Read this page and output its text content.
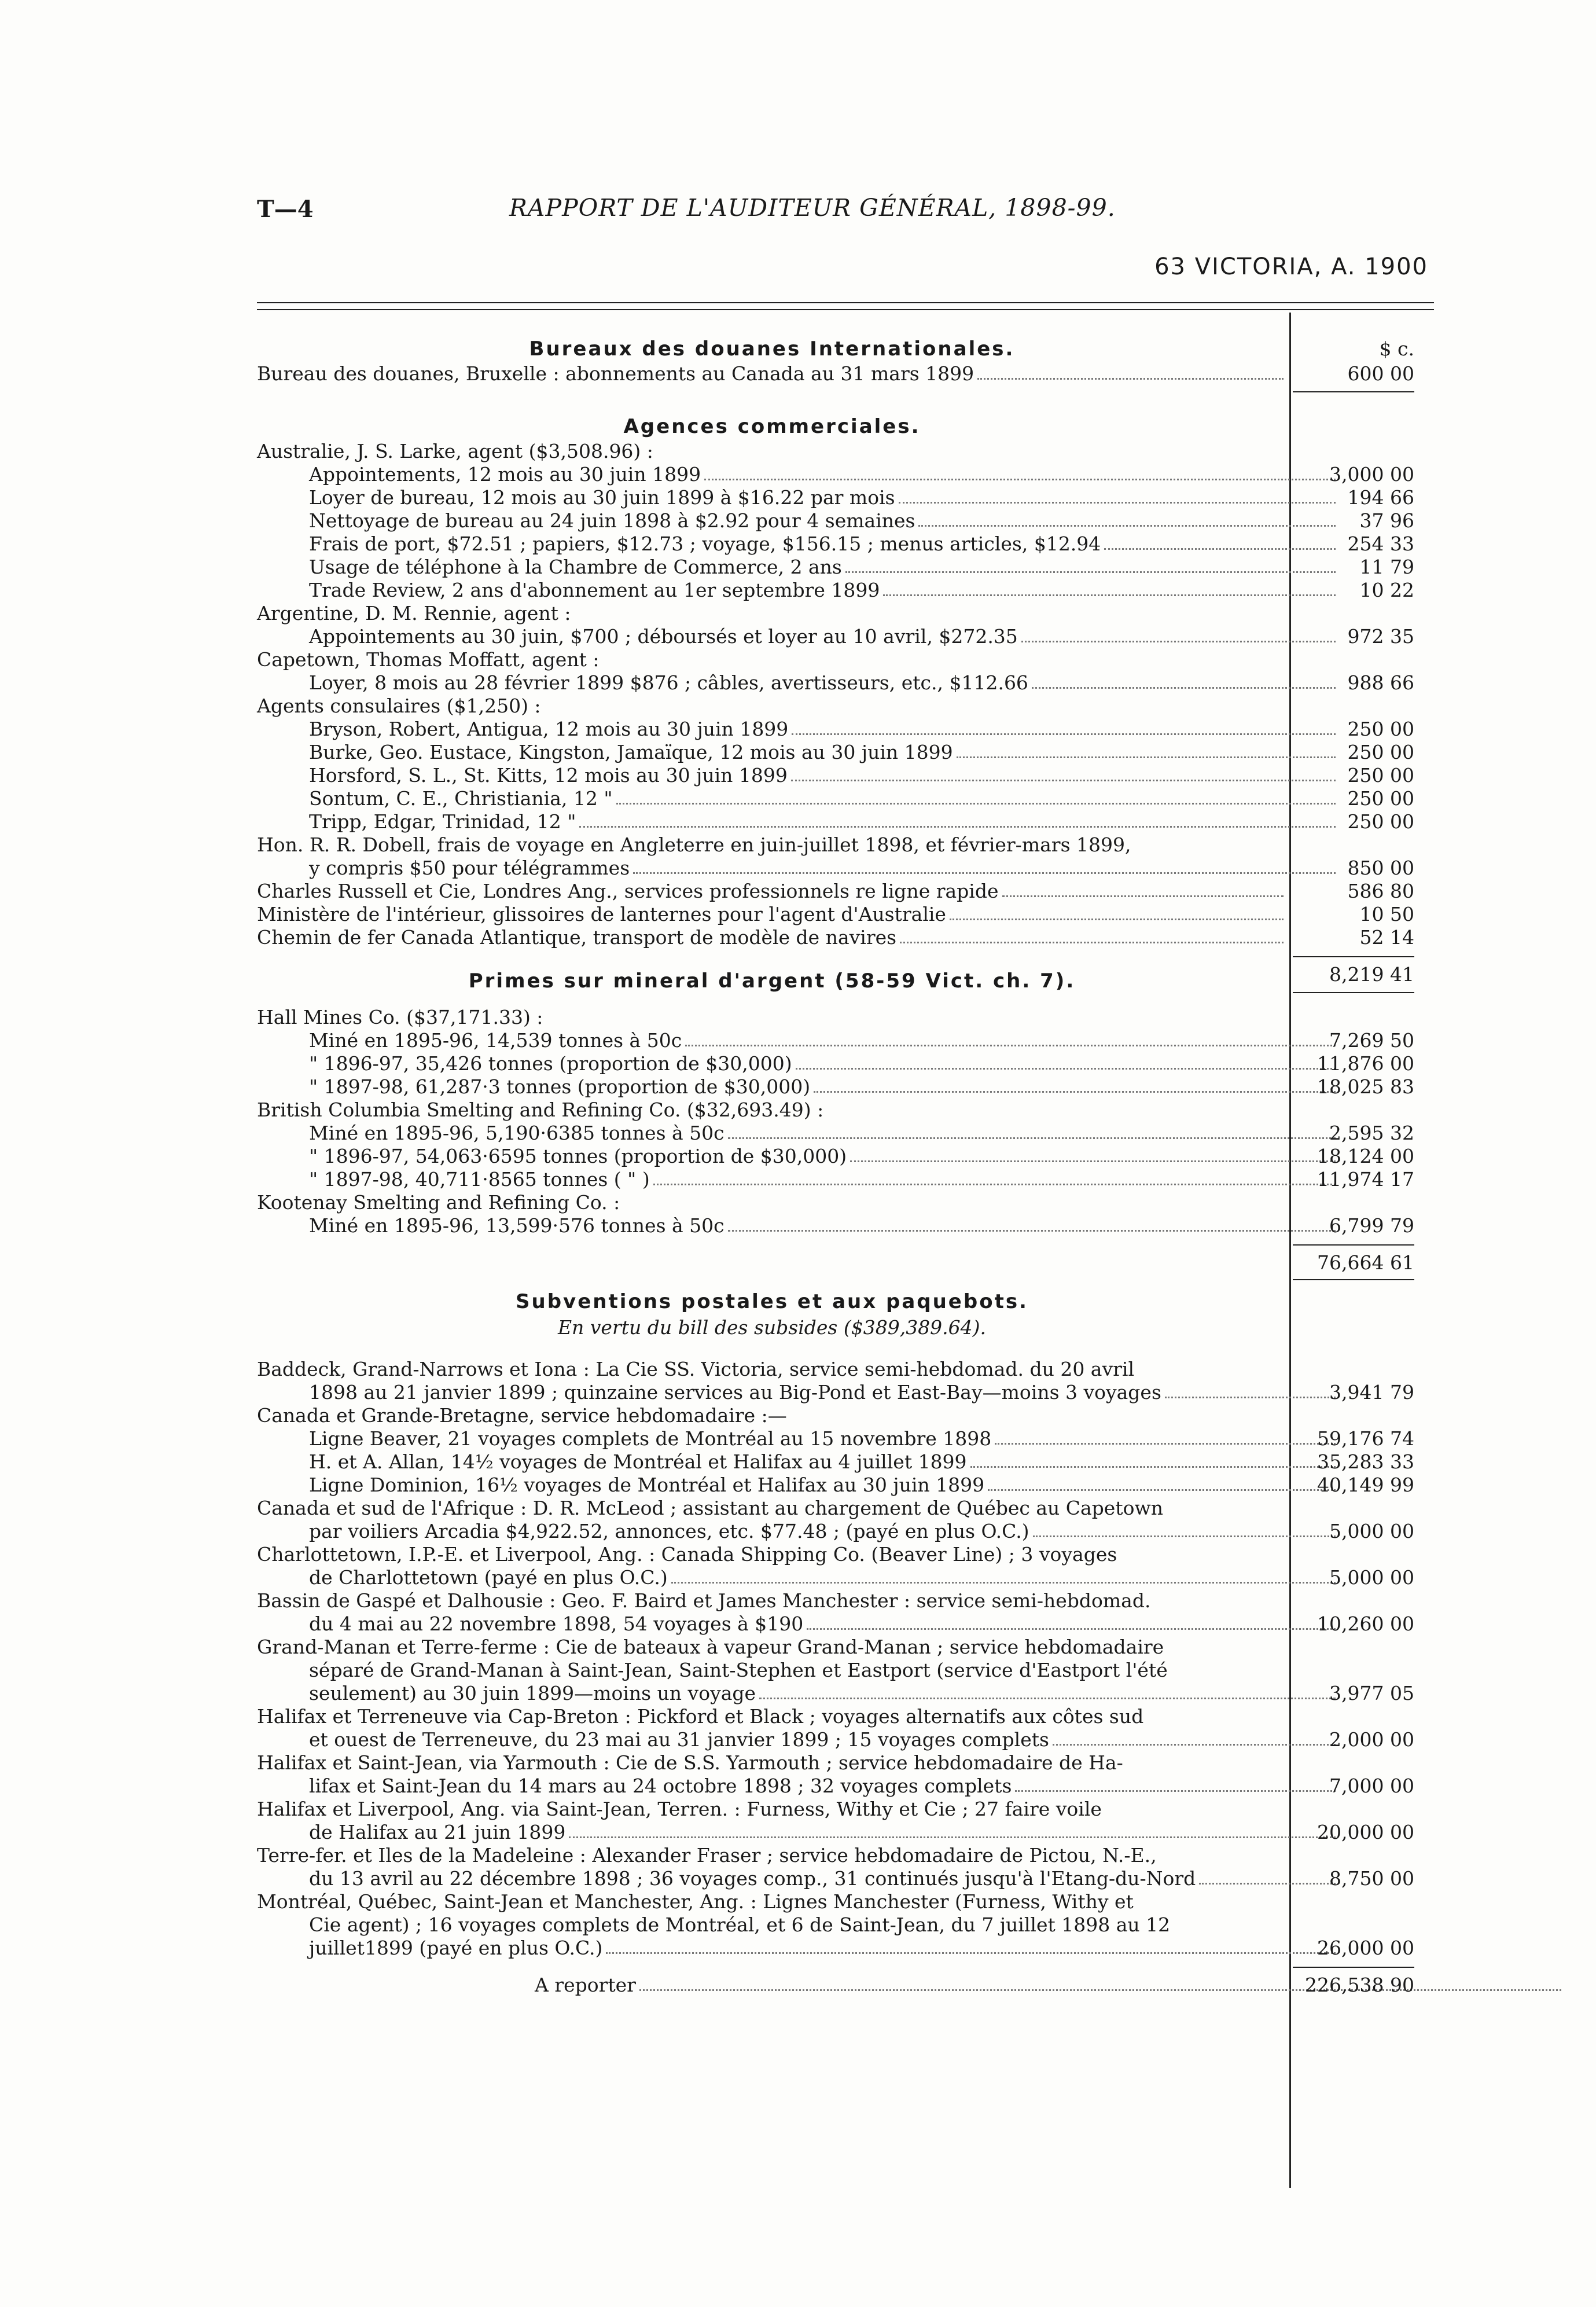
T—4	RAPPORT DE L'AUDITEUR GÉNÉRAL, 1898-99.
63 VICTORIA, A. 1900
Bureaux des douanes Internationales.	$ c.
Bureau des douanes, Bruxelle : abonnements au Canada au 31 mars 1899	600 00
Agences commerciales.
Australie, J. S. Larke, agent ($3,508.96) :
Appointements, 12 mois au 30 juin 1899	3,000 00
Loyer de bureau, 12 mois au 30 juin 1899 à $16.22 par mois	194 66
Nettoyage de bureau au 24 juin 1898 à $2.92 pour 4 semaines	37 96
Frais de port, $72.51 ; papiers, $12.73 ; voyage, $156.15 ; menus articles, $12.94	254 33
Usage de téléphone à la Chambre de Commerce, 2 ans	11 79
Trade Review, 2 ans d'abonnement au 1er septembre 1899	10 22
Argentine, D. M. Rennie, agent :
Appointements au 30 juin, $700 ; déboursés et loyer au 10 avril, $272.35	972 35
Capetown, Thomas Moffatt, agent :
Loyer, 8 mois au 28 février 1899 $876 ; câbles, avertisseurs, etc., $112.66	988 66
Agents consulaires ($1,250) :
Bryson, Robert, Antigua, 12 mois au 30 juin 1899	250 00
Burke, Geo. Eustace, Kingston, Jamaïque, 12 mois au 30 juin 1899	250 00
Horsford, S. L., St. Kitts, 12 mois au 30 juin 1899	250 00
Sontum, C. E., Christiania, 12 "	250 00
Tripp, Edgar, Trinidad, 12 "	250 00
Hon. R. R. Dobell, frais de voyage en Angleterre en juin-juillet 1898, et février-mars 1899,
y compris $50 pour télégrammes	850 00
Charles Russell et Cie, Londres Ang., services professionnels re ligne rapide	586 80
Ministère de l'intérieur, glissoires de lanternes pour l'agent d'Australie	10 50
Chemin de fer Canada Atlantique, transport de modèle de navires	52 14
Primes sur mineral d'argent (58-59 Vict. ch. 7).	8,219 41
Hall Mines Co. ($37,171.33) :
Miné en 1895-96, 14,539 tonnes à 50c	7,269 50
" 1896-97, 35,426 tonnes (proportion de $30,000)	11,876 00
" 1897-98, 61,287·3 tonnes (proportion de $30,000)	18,025 83
British Columbia Smelting and Refining Co. ($32,693.49) :
Miné en 1895-96, 5,190·6385 tonnes à 50c	2,595 32
" 1896-97, 54,063·6595 tonnes (proportion de $30,000)	18,124 00
" 1897-98, 40,711·8565 tonnes ( " )	11,974 17
Kootenay Smelting and Refining Co. :
Miné en 1895-96, 13,599·576 tonnes à 50c	6,799 79
76,664 61
Subventions postales et aux paquebots.
En vertu du bill des subsides ($389,389.64).
Baddeck, Grand-Narrows et Iona : La Cie SS. Victoria, service semi-hebdomad. du 20 avril
1898 au 21 janvier 1899 ; quinzaine services au Big-Pond et East-Bay—moins 3 voyages	3,941 79
Canada et Grande-Bretagne, service hebdomadaire :—
Ligne Beaver, 21 voyages complets de Montréal au 15 novembre 1898	59,176 74
H. et A. Allan, 14½ voyages de Montréal et Halifax au 4 juillet 1899	35,283 33
Ligne Dominion, 16½ voyages de Montréal et Halifax au 30 juin 1899	40,149 99
Canada et sud de l'Afrique : D. R. McLeod ; assistant au chargement de Québec au Capetown
par voiliers Arcadia $4,922.52, annonces, etc. $77.48 ; (payé en plus O.C.)	5,000 00
Charlottetown, I.P.-E. et Liverpool, Ang. : Canada Shipping Co. (Beaver Line) ; 3 voyages
de Charlottetown (payé en plus O.C.)	5,000 00
Bassin de Gaspé et Dalhousie : Geo. F. Baird et James Manchester : service semi-hebdomad.
du 4 mai au 22 novembre 1898, 54 voyages à $190	10,260 00
Grand-Manan et Terre-ferme : Cie de bateaux à vapeur Grand-Manan ; service hebdomadaire
séparé de Grand-Manan à Saint-Jean, Saint-Stephen et Eastport (service d'Eastport l'été
seulement) au 30 juin 1899—moins un voyage	3,977 05
Halifax et Terreneuve via Cap-Breton : Pickford et Black ; voyages alternatifs aux côtes sud
et ouest de Terreneuve, du 23 mai au 31 janvier 1899 ; 15 voyages complets	2,000 00
Halifax et Saint-Jean, via Yarmouth : Cie de S.S. Yarmouth ; service hebdomadaire de Ha-
lifax et Saint-Jean du 14 mars au 24 octobre 1898 ; 32 voyages complets	7,000 00
Halifax et Liverpool, Ang. via Saint-Jean, Terren. : Furness, Withy et Cie ; 27 faire voile
de Halifax au 21 juin 1899	20,000 00
Terre-fer. et Iles de la Madeleine : Alexander Fraser ; service hebdomadaire de Pictou, N.-E.,
du 13 avril au 22 décembre 1898 ; 36 voyages comp., 31 continués jusqu'à l'Etang-du-Nord	8,750 00
Montréal, Québec, Saint-Jean et Manchester, Ang. : Lignes Manchester (Furness, Withy et
Cie agent) ; 16 voyages complets de Montréal, et 6 de Saint-Jean, du 7 juillet 1898 au 12
juillet1899 (payé en plus O.C.)	26,000 00
A reporter	226,538 90
